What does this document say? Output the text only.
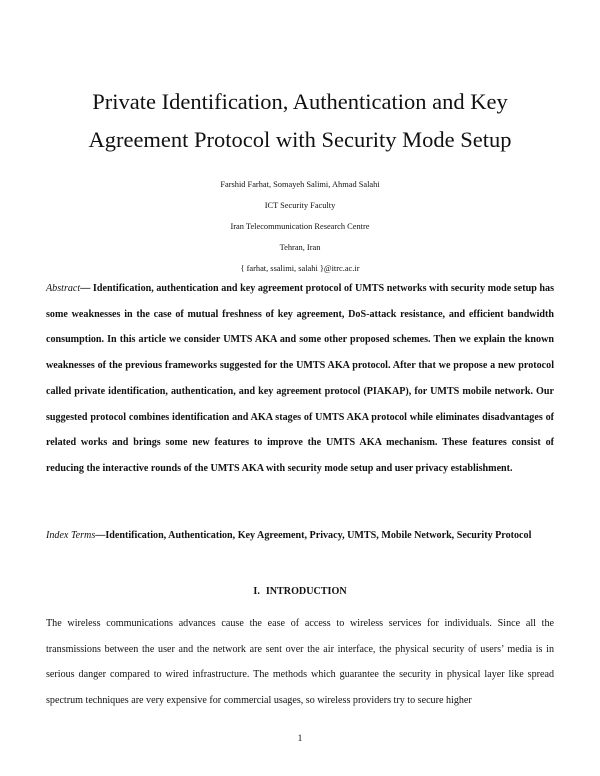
Private Identification, Authentication and Key
Agreement Protocol with Security Mode Setup
Farshid Farhat, Somayeh Salimi, Ahmad Salahi
ICT Security Faculty
Iran Telecommunication Research Centre
Tehran, Iran
{ farhat, ssalimi, salahi }@itrc.ac.ir
Abstract— Identification, authentication and key agreement protocol of UMTS networks with security mode setup has some weaknesses in the case of mutual freshness of key agreement, DoS-attack resistance, and efficient bandwidth consumption. In this article we consider UMTS AKA and some other proposed schemes. Then we explain the known weaknesses of the previous frameworks suggested for the UMTS AKA protocol. After that we propose a new protocol called private identification, authentication, and key agreement protocol (PIAKAP), for UMTS mobile network. Our suggested protocol combines identification and AKA stages of UMTS AKA protocol while eliminates disadvantages of related works and brings some new features to improve the UMTS AKA mechanism. These features consist of reducing the interactive rounds of the UMTS AKA with security mode setup and user privacy establishment.
Index Terms—Identification, Authentication, Key Agreement, Privacy, UMTS, Mobile Network, Security Protocol
I. INTRODUCTION
The wireless communications advances cause the ease of access to wireless services for individuals. Since all the transmissions between the user and the network are sent over the air interface, the physical security of users’ media is in serious danger compared to wired infrastructure. The methods which guarantee the security in physical layer like spread spectrum techniques are very expensive for commercial usages, so wireless providers try to secure higher
1
